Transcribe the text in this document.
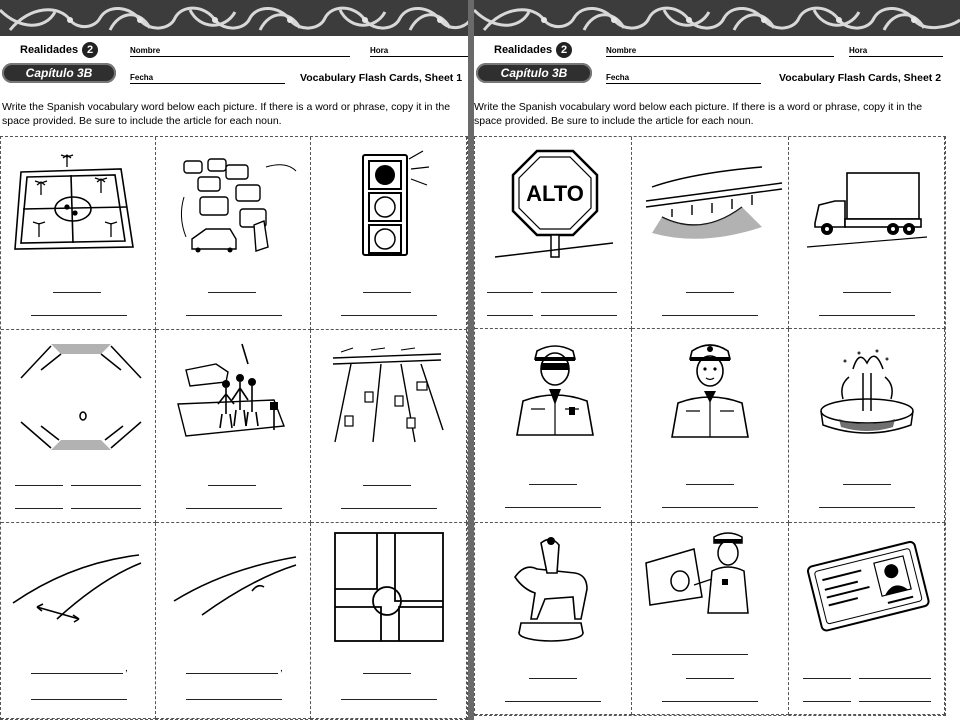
Realidades 2
Capítulo 3B
Nombre	Hora
Fecha	Vocabulary Flash Cards, Sheet 1
Write the Spanish vocabulary word below each picture. If there is a word or phrase, copy it in the space provided. Be sure to include the article for each noun.
,	,
Realidades 2
Capítulo 3B
Nombre	Hora
Fecha	Vocabulary Flash Cards, Sheet 2
Write the Spanish vocabulary word below each picture. If there is a word or phrase, copy it in the space provided. Be sure to include the article for each noun.
ALTO
